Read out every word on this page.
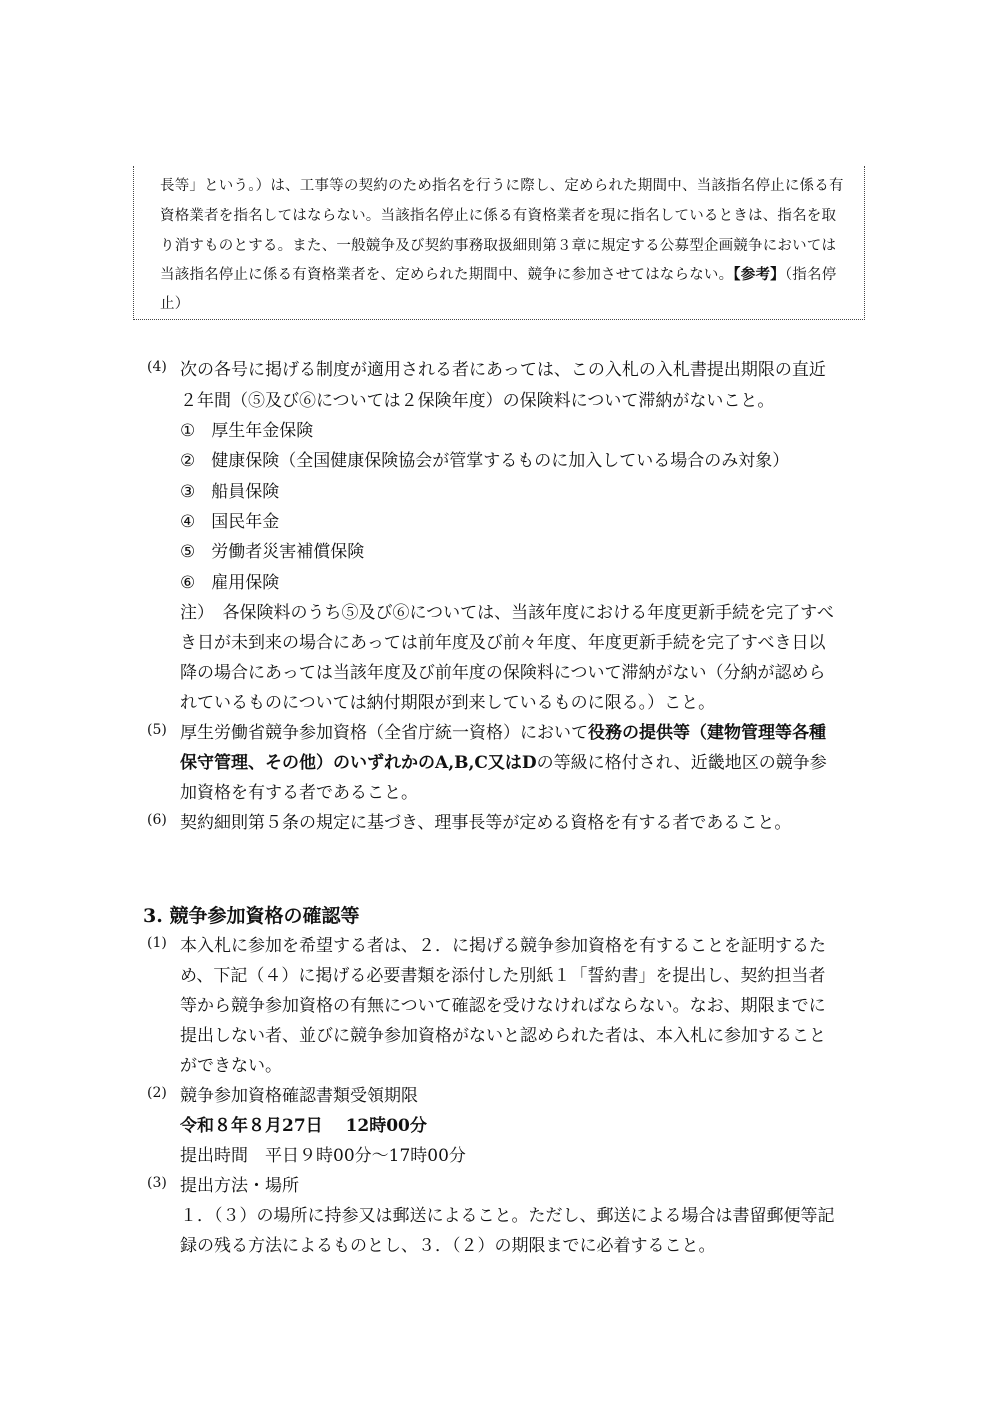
長等」という。）は、工事等の契約のため指名を行うに際し、定められた期間中、当該指名停止に係る有
資格業者を指名してはならない。当該指名停止に係る有資格業者を現に指名しているときは、指名を取
り消すものとする。また、一般競争及び契約事務取扱細則第３章に規定する公募型企画競争においては
当該指名停止に係る有資格業者を、定められた期間中、競争に参加させてはならない。【参考】（指名停
止）
(4) 次の各号に掲げる制度が適用される者にあっては、この入札の入札書提出期限の直近
２年間（⑤及び⑥については２保険年度）の保険料について滞納がないこと。
① 厚生年金保険
② 健康保険（全国健康保険協会が管掌するものに加入している場合のみ対象）
③ 船員保険
④ 国民年金
⑤ 労働者災害補償保険
⑥ 雇用保険
注）　各保険料のうち⑤及び⑥については、当該年度における年度更新手続を完了すべ
き日が未到来の場合にあっては前年度及び前々年度、年度更新手続を完了すべき日以
降の場合にあっては当該年度及び前年度の保険料について滞納がない（分納が認めら
れているものについては納付期限が到来しているものに限る。）こと。
(5) 厚生労働省競争参加資格（全省庁統一資格）において役務の提供等（建物管理等各種
保守管理、その他）のいずれかのA,B,C又はDの等級に格付され、近畿地区の競争参
加資格を有する者であること。
(6) 契約細則第５条の規定に基づき、理事長等が定める資格を有する者であること。
3. 競争参加資格の確認等
(1) 本入札に参加を希望する者は、２．に掲げる競争参加資格を有することを証明するた
め、下記（４）に掲げる必要書類を添付した別紙１「誓約書」を提出し、契約担当者
等から競争参加資格の有無について確認を受けなければならない。なお、期限までに
提出しない者、並びに競争参加資格がないと認められた者は、本入札に参加すること
ができない。
(2) 競争参加資格確認書類受領期限
令和８年８月27日　 12時00分
提出時間　平日９時00分～17時00分
(3) 提出方法・場所
１．（３）の場所に持参又は郵送によること。ただし、郵送による場合は書留郵便等記
録の残る方法によるものとし、３．（２）の期限までに必着すること。
